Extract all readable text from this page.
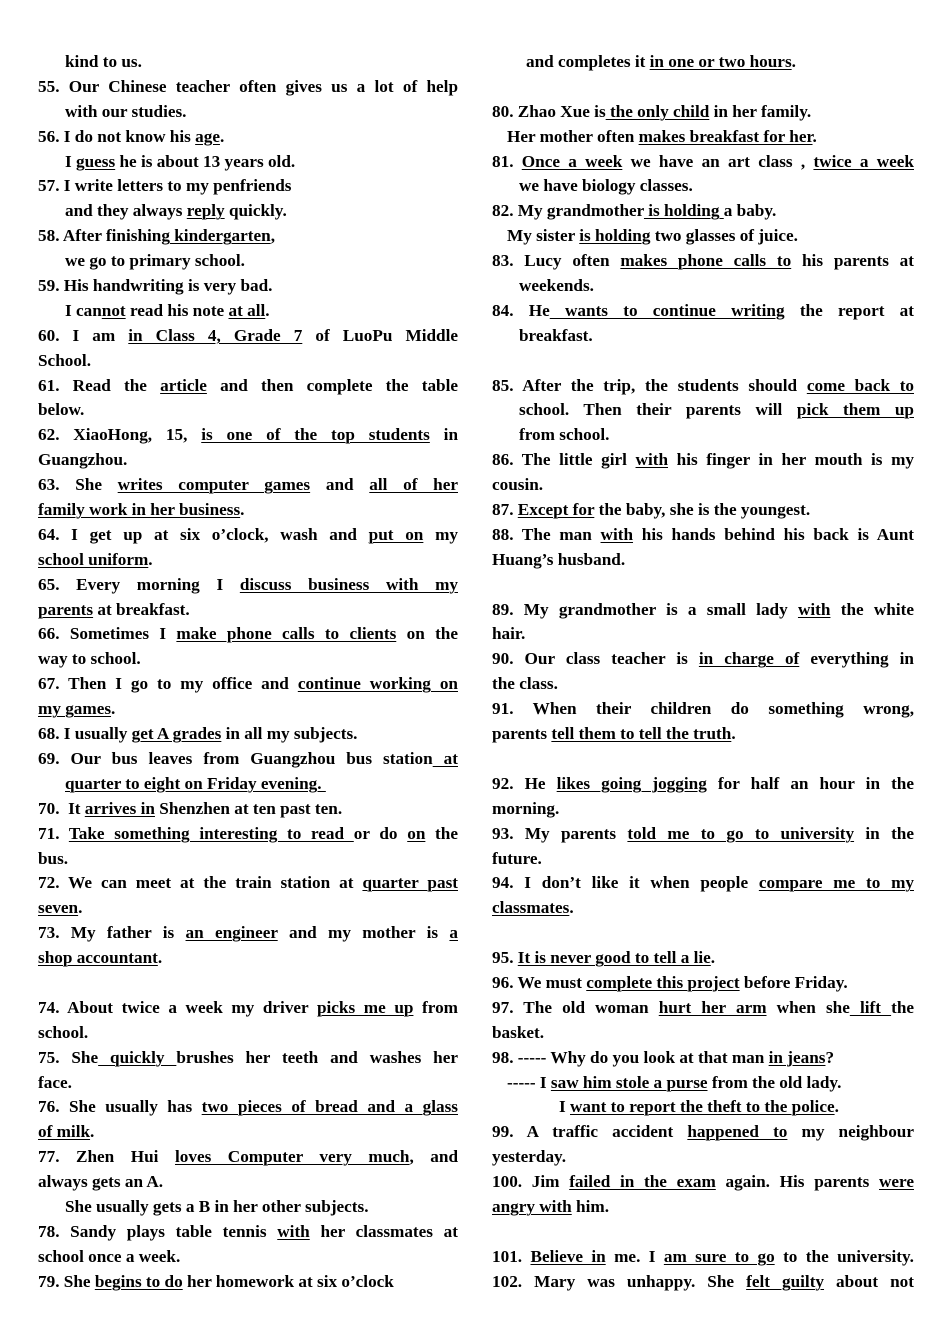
kind to us.
55. Our Chinese teacher often gives us a lot of help
with our studies.
56. I do not know his age.
I guess he is about 13 years old.
57. I write letters to my penfriends
and they always reply quickly.
58. After finishing kindergarten,
we go to primary school.
59. His handwriting is very bad.
I cannot read his note at all.
60. I am in Class 4, Grade 7 of LuoPu Middle
School.
61. Read the article and then complete the table
below.
62. XiaoHong, 15, is one of the top students in
Guangzhou.
63. She writes computer games and all of her
family work in her business.
64. I get up at six o’clock, wash and put on my
school uniform.
65. Every morning I discuss business with my
parents at breakfast.
66. Sometimes I make phone calls to clients on the
way to school.
67. Then I go to my office and continue working on
my games.
68. I usually get A grades in all my subjects.
69. Our bus leaves from Guangzhou bus station at
quarter to eight on Friday evening.
70.  It arrives in Shenzhen at ten past ten.
71. Take something interesting to read or do on the
bus.
72. We can meet at the train station at quarter past
seven.
73. My father is an engineer and my mother is a
shop accountant.
74. About twice a week my driver picks me up from
school.
75. She quickly brushes her teeth and washes her
face.
76. She usually has two pieces of bread and a glass
of milk.
77. Zhen Hui loves Computer very much, and
always gets an A.
She usually gets a B in her other subjects.
78. Sandy plays table tennis with her classmates at
school once a week.
79. She begins to do her homework at six o’clock
and completes it in one or two hours.
80. Zhao Xue is the only child in her family.
Her mother often makes breakfast for her.
81. Once a week we have an art class , twice a week
we have biology classes.
82. My grandmother is holding a baby.
My sister is holding two glasses of juice.
83. Lucy often makes phone calls to his parents at
weekends.
84. He wants to continue writing the report at
breakfast.
85. After the trip, the students should come back to
school. Then their parents will pick them up
from school.
86. The little girl with his finger in her mouth is my
cousin.
87. Except for the baby, she is the youngest.
88. The man with his hands behind his back is Aunt
Huang’s husband.
89. My grandmother is a small lady with the white
hair.
90. Our class teacher is in charge of everything in
the class.
91. When their children do something wrong,
parents tell them to tell the truth.
92. He likes going jogging for half an hour in the
morning.
93. My parents told me to go to university in the
future.
94. I don’t like it when people compare me to my
classmates.
95. It is never good to tell a lie.
96. We must complete this project before Friday.
97. The old woman hurt her arm when she lift the
basket.
98. ----- Why do you look at that man in jeans?
----- I saw him stole a purse from the old lady.
I want to report the theft to the police.
99. A traffic accident happened to my neighbour
yesterday.
100. Jim failed in the exam again. His parents were
angry with him.
101. Believe in me. I am sure to go to the university.
102. Mary was unhappy. She felt guilty about not
